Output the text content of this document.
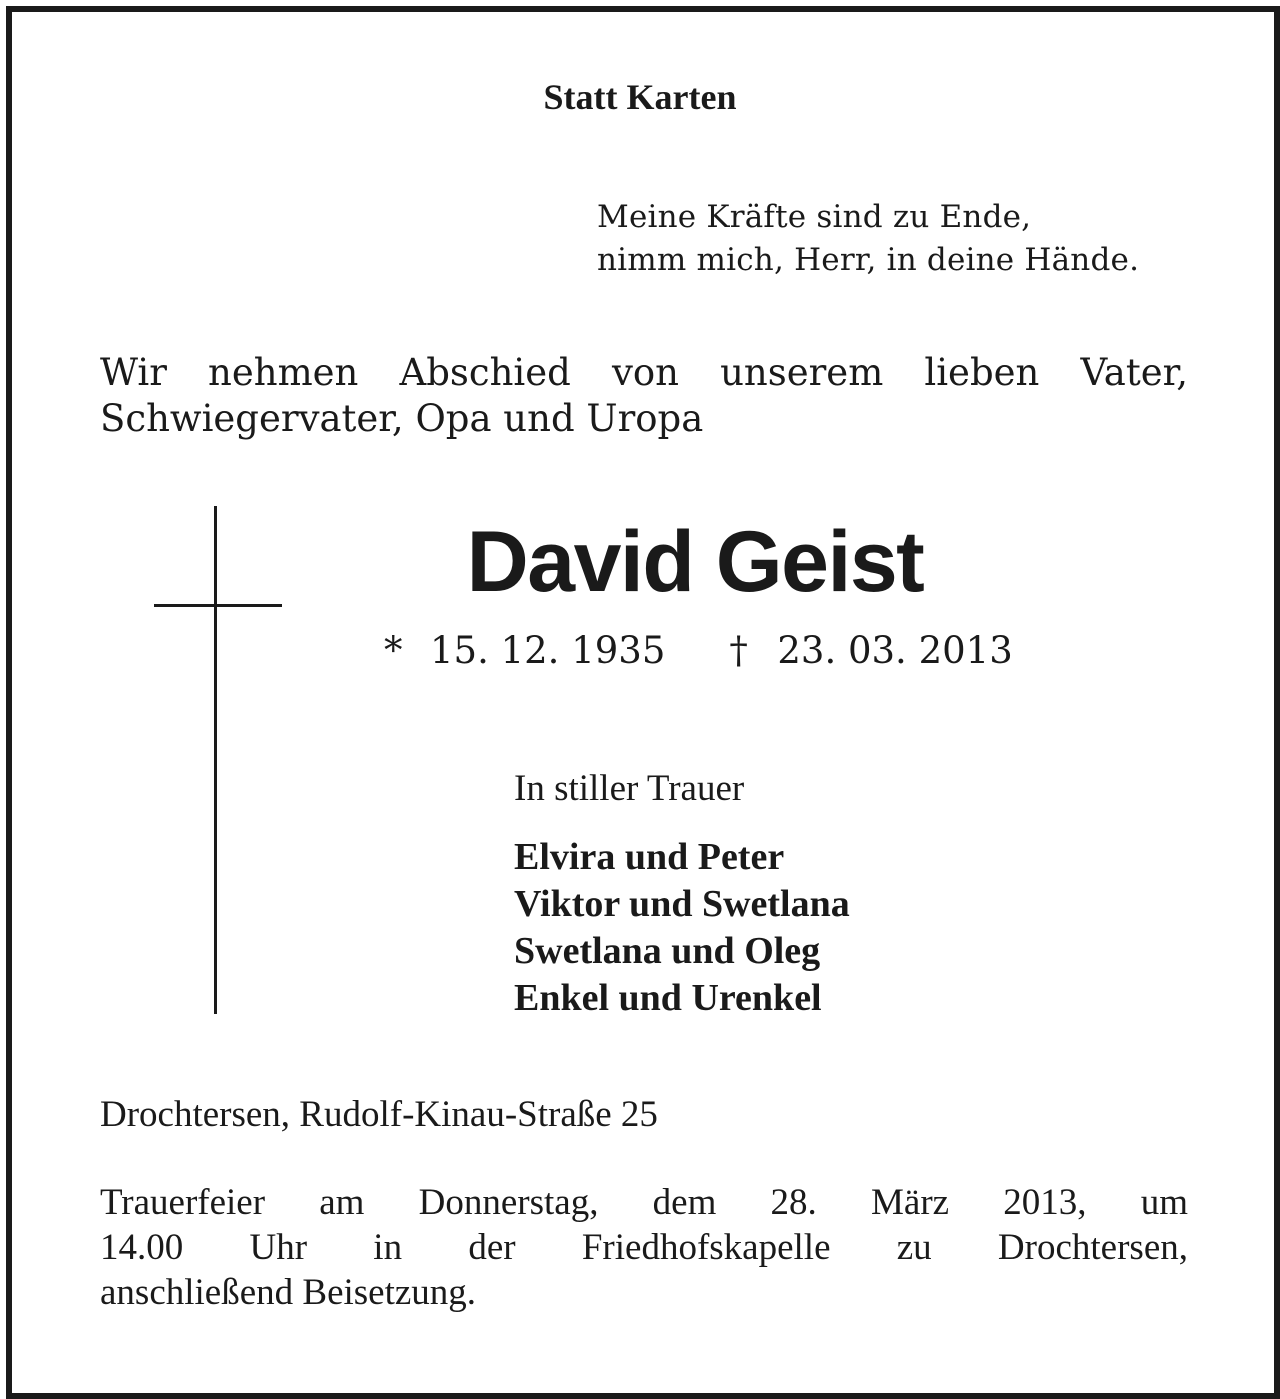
Statt Karten
Meine Kräfte sind zu Ende,
nimm mich, Herr, in deine Hände.
Wir nehmen Abschied von unserem lieben Vater,
Schwiegervater, Opa und Uropa
David Geist
* 15. 12. 1935 † 23. 03. 2013
In stiller Trauer
Elvira und Peter
Viktor und Swetlana
Swetlana und Oleg
Enkel und Urenkel
Drochtersen, Rudolf-Kinau-Straße 25
Trauerfeier am Donnerstag, dem 28. März 2013, um
14.00 Uhr in der Friedhofskapelle zu Drochtersen,
anschließend Beisetzung.
